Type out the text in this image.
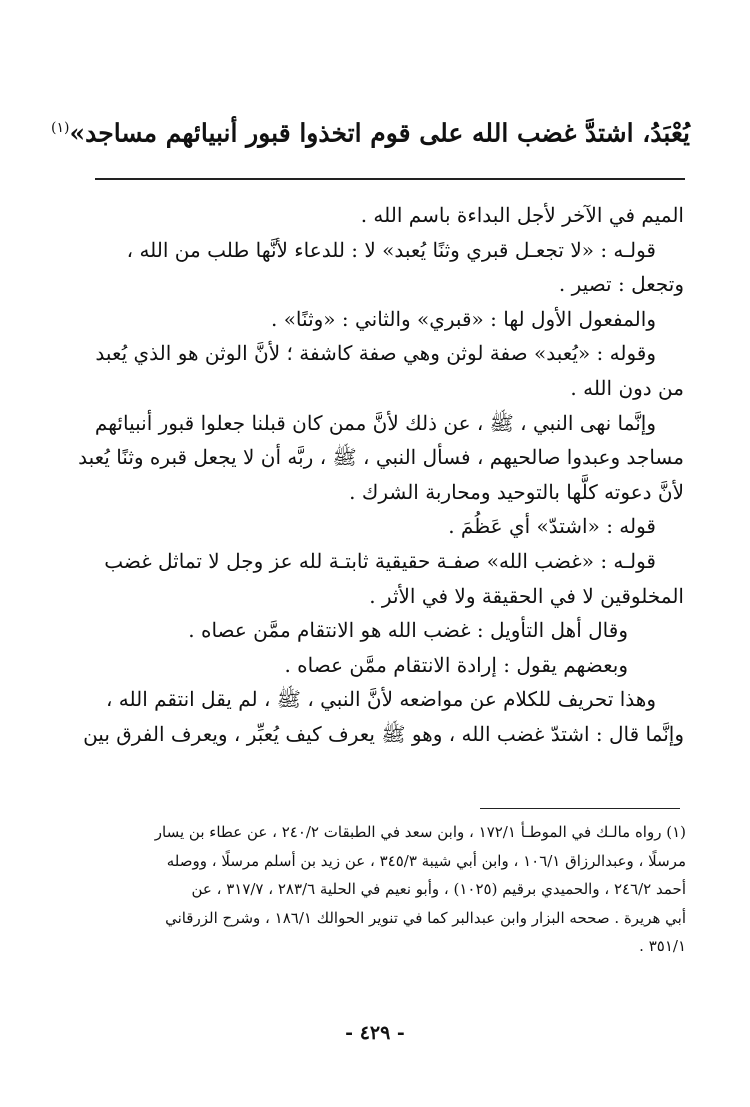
يُعْبَدُ، اشتدَّ غضب الله على قوم اتخذوا قبور أنبيائهم مساجد»$^{(١)}$

الميم في الآخر لأجل البداءة باسم الله .

قولـه : «لا تجعـل قبري وثنًا يُعبد» لا : للدعاء لأنَّها طلب من الله ،

وتجعل : تصير .

والمفعول الأول لها : «قبري» والثاني : «وثنًا» .

وقوله : «يُعبد» صفة لوثن وهي صفة كاشفة ؛ لأنَّ الوثن هو الذي يُعبد

من دون الله .

وإنَّما نهى النبي ، ﷺ ، عن ذلك لأنَّ ممن كان قبلنا جعلوا قبور أنبيائهم

مساجد وعبدوا صالحيهم ، فسأل النبي ، ﷺ ، ربَّه أن لا يجعل قبره وثنًا يُعبد

لأنَّ دعوته كلَّها بالتوحيد ومحاربة الشرك .

قوله : «اشتدّ» أي عَظُمَ .

قولـه : «غضب الله» صفـة حقيقية ثابتـة لله عز وجل لا تماثل غضب

المخلوقين لا في الحقيقة ولا في الأثر .

وقال أهل التأويل : غضب الله هو الانتقام ممَّن عصاه .

وبعضهم يقول : إرادة الانتقام ممَّن عصاه .

وهذا تحريف للكلام عن مواضعه لأنَّ النبي ، ﷺ ، لم يقل انتقم الله ،

وإنَّما قال : اشتدّ غضب الله ، وهو ﷺ يعرف كيف يُعبِّر ، ويعرف الفرق بين

(١) رواه مالـك في الموطـأ ١٧٢/١ ، وابن سعد في الطبقات ٢٤٠/٢ ، عن عطاء بن يسار

مرسلًا ، وعبدالرزاق ١٠٦/١ ، وابن أبي شيبة ٣٤٥/٣ ، عن زيد بن أسلم مرسلًا ، ووصله

أحمد ٢٤٦/٢ ، والحميدي برقيم (١٠٢٥) ، وأبو نعيم في الحلية ٢٨٣/٦ ، ٣١٧/٧ ، عن

أبي هريرة . صححه البزار وابن عبدالبر كما في تنوير الحوالك ١٨٦/١ ، وشرح الزرقاني

٣٥١/١ .

- ٤٢٩ -
